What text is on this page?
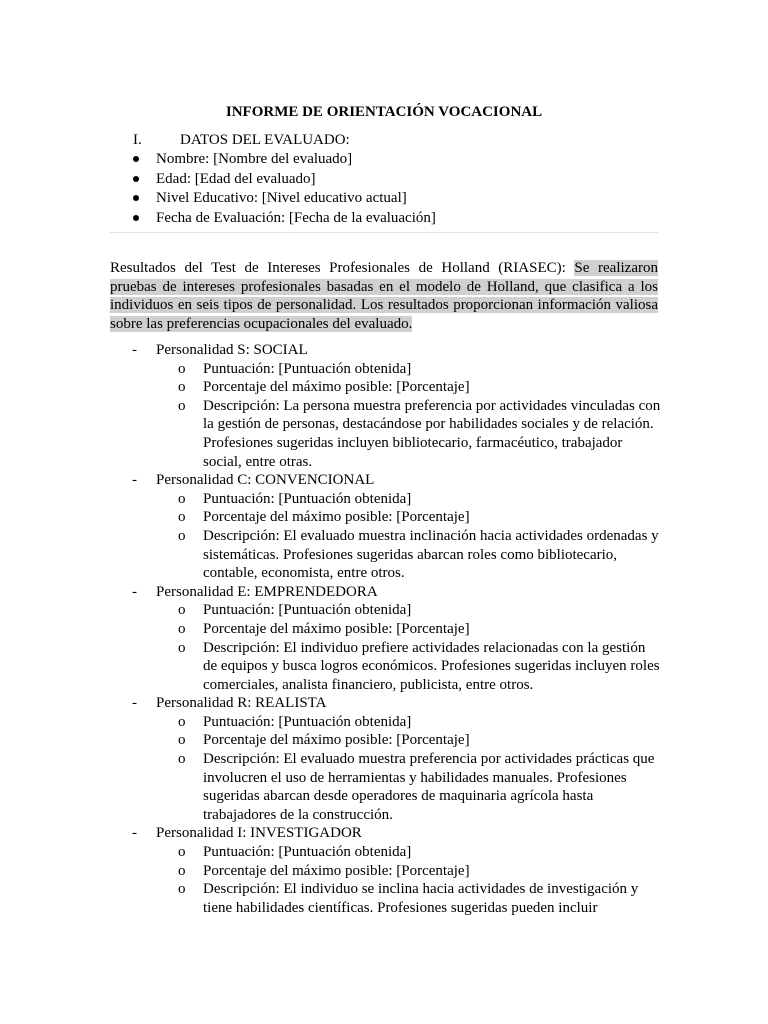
INFORME DE ORIENTACIÓN VOCACIONAL
I.	DATOS DEL EVALUADO:
Nombre: [Nombre del evaluado]
Edad: [Edad del evaluado]
Nivel Educativo: [Nivel educativo actual]
Fecha de Evaluación: [Fecha de la evaluación]
Resultados del Test de Intereses Profesionales de Holland (RIASEC): Se realizaron pruebas de intereses profesionales basadas en el modelo de Holland, que clasifica a los individuos en seis tipos de personalidad. Los resultados proporcionan información valiosa sobre las preferencias ocupacionales del evaluado.
- Personalidad S: SOCIAL
o Puntuación: [Puntuación obtenida]
o Porcentaje del máximo posible: [Porcentaje]
o Descripción: La persona muestra preferencia por actividades vinculadas con la gestión de personas, destacándose por habilidades sociales y de relación. Profesiones sugeridas incluyen bibliotecario, farmacéutico, trabajador social, entre otras.
- Personalidad C: CONVENCIONAL
o Puntuación: [Puntuación obtenida]
o Porcentaje del máximo posible: [Porcentaje]
o Descripción: El evaluado muestra inclinación hacia actividades ordenadas y sistemáticas. Profesiones sugeridas abarcan roles como bibliotecario, contable, economista, entre otros.
- Personalidad E: EMPRENDEDORA
o Puntuación: [Puntuación obtenida]
o Porcentaje del máximo posible: [Porcentaje]
o Descripción: El individuo prefiere actividades relacionadas con la gestión de equipos y busca logros económicos. Profesiones sugeridas incluyen roles comerciales, analista financiero, publicista, entre otros.
- Personalidad R: REALISTA
o Puntuación: [Puntuación obtenida]
o Porcentaje del máximo posible: [Porcentaje]
o Descripción: El evaluado muestra preferencia por actividades prácticas que involucren el uso de herramientas y habilidades manuales. Profesiones sugeridas abarcan desde operadores de maquinaria agrícola hasta trabajadores de la construcción.
- Personalidad I: INVESTIGADOR
o Puntuación: [Puntuación obtenida]
o Porcentaje del máximo posible: [Porcentaje]
o Descripción: El individuo se inclina hacia actividades de investigación y tiene habilidades científicas. Profesiones sugeridas pueden incluir
